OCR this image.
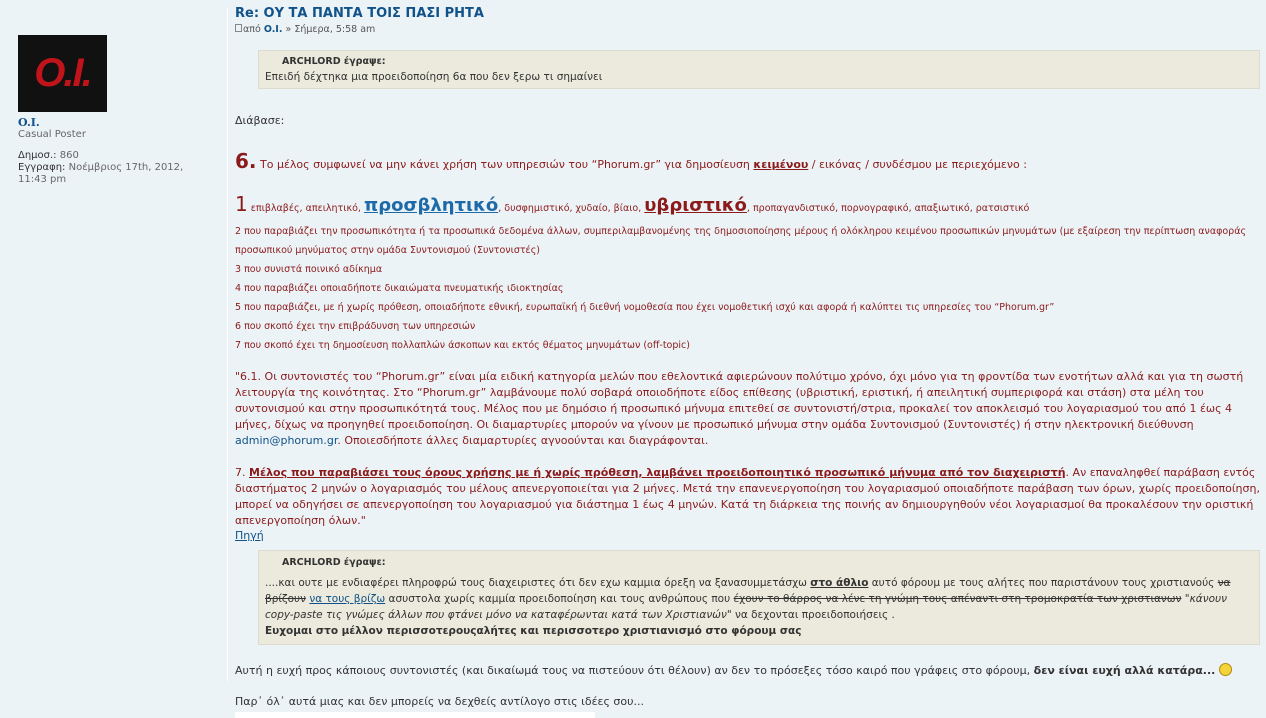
O.I.
O.I.
Casual Poster
Δημοσ.: 860
Εγγραφη: Νοέμβριος 17th, 2012, 11:43 pm
Re: ΟΥ ΤΑ ΠΑΝΤΑ ΤΟΙΣ ΠΑΣΙ ΡΗΤΑ
από O.I. » Σήμερα, 5:58 am
ARCHLORD έγραψε:
Επειδή δέχτηκα μια προειδοποίηση 6α που δεν ξερω τι σημαίνει

Διάβασε:

6. Το μέλος συμφωνεί να μην κάνει χρήση των υπηρεσιών του “Phorum.gr” για δημοσίευση κειμένου / εικόνας / συνδέσμου με περιεχόμενο :

1 επιβλαβές, απειλητικό, προσβλητικό, δυσφημιστικό, χυδαίο, βίαιο, υβριστικό, προπαγανδιστικό, πορνογραφικό, απαξιωτικό, ρατσιστικό
2 που παραβιάζει την προσωπικότητα ή τα προσωπικά δεδομένα άλλων, συμπεριλαμβανομένης της δημοσιοποίησης μέρους ή ολόκληρου κειμένου προσωπικών μηνυμάτων (με εξαίρεση την περίπτωση αναφοράς προσωπικού μηνύματος στην ομάδα Συντονισμού (Συντονιστές)
3 που συνιστά ποινικό αδίκημα
4 που παραβιάζει οποιαδήποτε δικαιώματα πνευματικής ιδιοκτησίας
5 που παραβιάζει, με ή χωρίς πρόθεση, οποιαδήποτε εθνική, ευρωπαϊκή ή διεθνή νομοθεσία που έχει νομοθετική ισχύ και αφορά ή καλύπτει τις υπηρεσίες του “Phorum.gr”
6 που σκοπό έχει την επιβράδυνση των υπηρεσιών
7 που σκοπό έχει τη δημοσίευση πολλαπλών άσκοπων και εκτός θέματος μηνυμάτων (off-topic)

"6.1. Οι συντονιστές του “Phorum.gr” είναι μία ειδική κατηγορία μελών που εθελοντικά αφιερώνουν πολύτιμο χρόνο, όχι μόνο για τη φροντίδα των ενοτήτων αλλά και για τη σωστή λειτουργία της κοινότητας. Στο “Phorum.gr” λαμβάνουμε πολύ σοβαρά οποιοδήποτε είδος επίθεσης (υβριστική, εριστική, ή απειλητική συμπεριφορά και στάση) στα μέλη του συντονισμού και στην προσωπικότητά τους. Μέλος που με δημόσιο ή προσωπικό μήνυμα επιτεθεί σε συντονιστή/στρια, προκαλεί τον αποκλεισμό του λογαριασμού του από 1 έως 4 μήνες, δίχως να προηγηθεί προειδοποίηση. Οι διαμαρτυρίες μπορούν να γίνουν με προσωπικό μήνυμα στην ομάδα Συντονισμού (Συντονιστές) ή στην ηλεκτρονική διεύθυνση admin@phorum.gr. Οποιεσδήποτε άλλες διαμαρτυρίες αγνοούνται και διαγράφονται.

7. Μέλος που παραβιάσει τους όρους χρήσης με ή χωρίς πρόθεση, λαμβάνει προειδοποιητικό προσωπικό μήνυμα από τον διαχειριστή. Αν επαναληφθεί παράβαση εντός διαστήματος 2 μηνών ο λογαριασμός του μέλους απενεργοποιείται για 2 μήνες. Μετά την επανενεργοποίηση του λογαριασμού οποιαδήποτε παράβαση των όρων, χωρίς προειδοποίηση, μπορεί να οδηγήσει σε απενεργοποίηση του λογαριασμού για διάστημα 1 έως 4 μηνών. Κατά τη διάρκεια της ποινής αν δημιουργηθούν νέοι λογαριασμοί θα προκαλέσουν την οριστική απενεργοποίηση όλων."

Πηγή
ARCHLORD έγραψε:
....και ουτε με ενδιαφέρει πληροφρώ τους διαχειριστες ότι δεν εχω καμμια όρεξη να ξανασυμμετάσχω στο άθλιο αυτό φόρουμ με τους αλήτες που παριστάνουν τους χριστιανούς να βρίζουν να τους βρίζω ασυστολα χωρίς καμμία προειδοποίηση και τους ανθρώπους που έχουν το θάρρος να λένε τη γνώμη τους απέναντι στη τρομοκρατία των χριστιανων "κάνουν copy-paste τις γνώμες άλλων που φτάνει μόνο να καταφέρωνται κατά των Χριστιανών" να δεχονται προειδοποιήσεις .
Ευχομαι στο μέλλον περισσοτερουςαλήτες και περισσοτερο χριστιανισμό στο φόρουμ σας

Αυτή η ευχή προς κάποιους συντονιστές (και δικαίωμά τους να πιστεύουν ότι θέλουν) αν δεν το πρόσεξες τόσο καιρό που γράφεις στο φόρουμ, δεν είναι ευχή αλλά κατάρα...

Παρ᾽ όλ᾽ αυτά μιας και δεν μπορείς να δεχθείς αντίλογο στις ιδέες σου...
